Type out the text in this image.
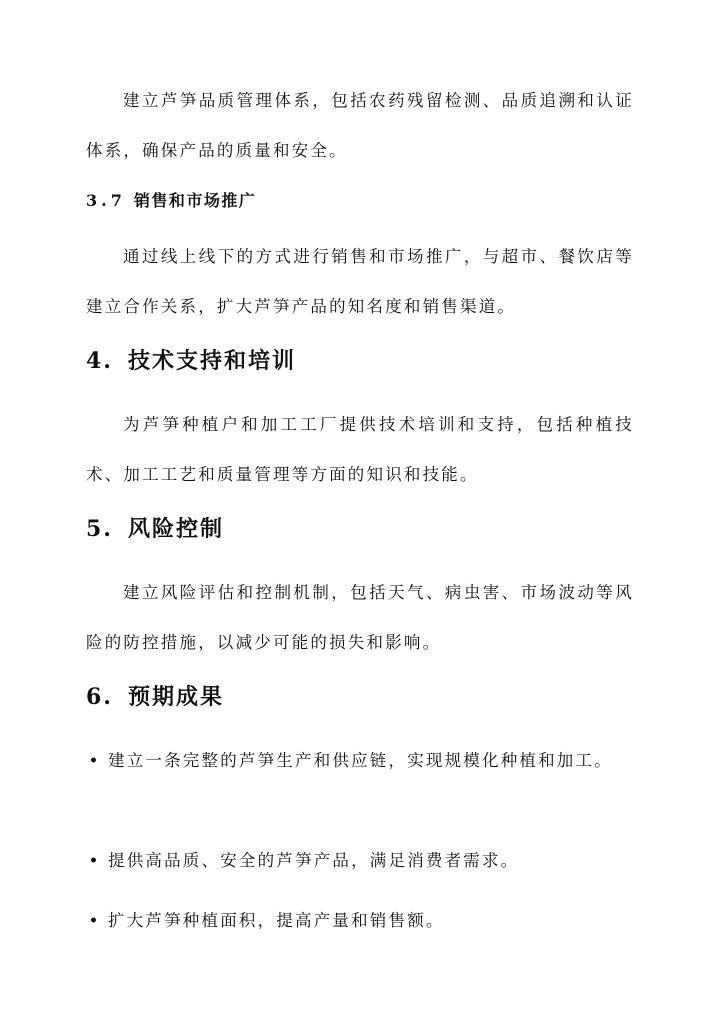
建立芦笋品质管理体系，包括农药残留检测、品质追溯和认证体系，确保产品的质量和安全。

3.7 销售和市场推广

通过线上线下的方式进行销售和市场推广，与超市、餐饮店等建立合作关系，扩大芦笋产品的知名度和销售渠道。

4. 技术支持和培训

为芦笋种植户和加工工厂提供技术培训和支持，包括种植技术、加工工艺和质量管理等方面的知识和技能。

5. 风险控制

建立风险评估和控制机制，包括天气、病虫害、市场波动等风险的防控措施，以减少可能的损失和影响。

6. 预期成果
• 建立一条完整的芦笋生产和供应链，实现规模化种植和加工。
• 提供高品质、安全的芦笋产品，满足消费者需求。
• 扩大芦笋种植面积，提高产量和销售额。
